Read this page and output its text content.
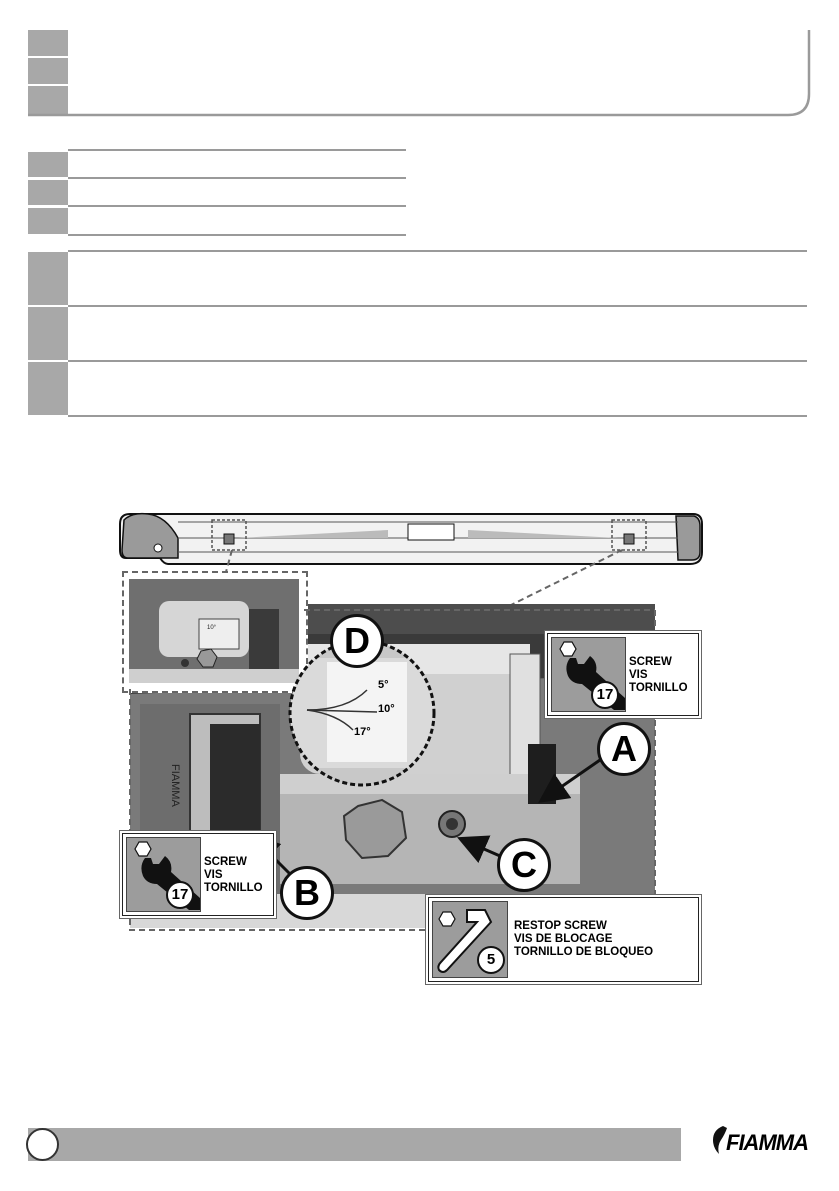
FIAMMA
10°
5°
10°
17°
D
A
B
C
17
SCREW
VIS
TORNILLO
17
SCREW
VIS
TORNILLO
5
RESTOP SCREW
VIS DE BLOCAGE
TORNILLO DE BLOQUEO
FIAMMA
